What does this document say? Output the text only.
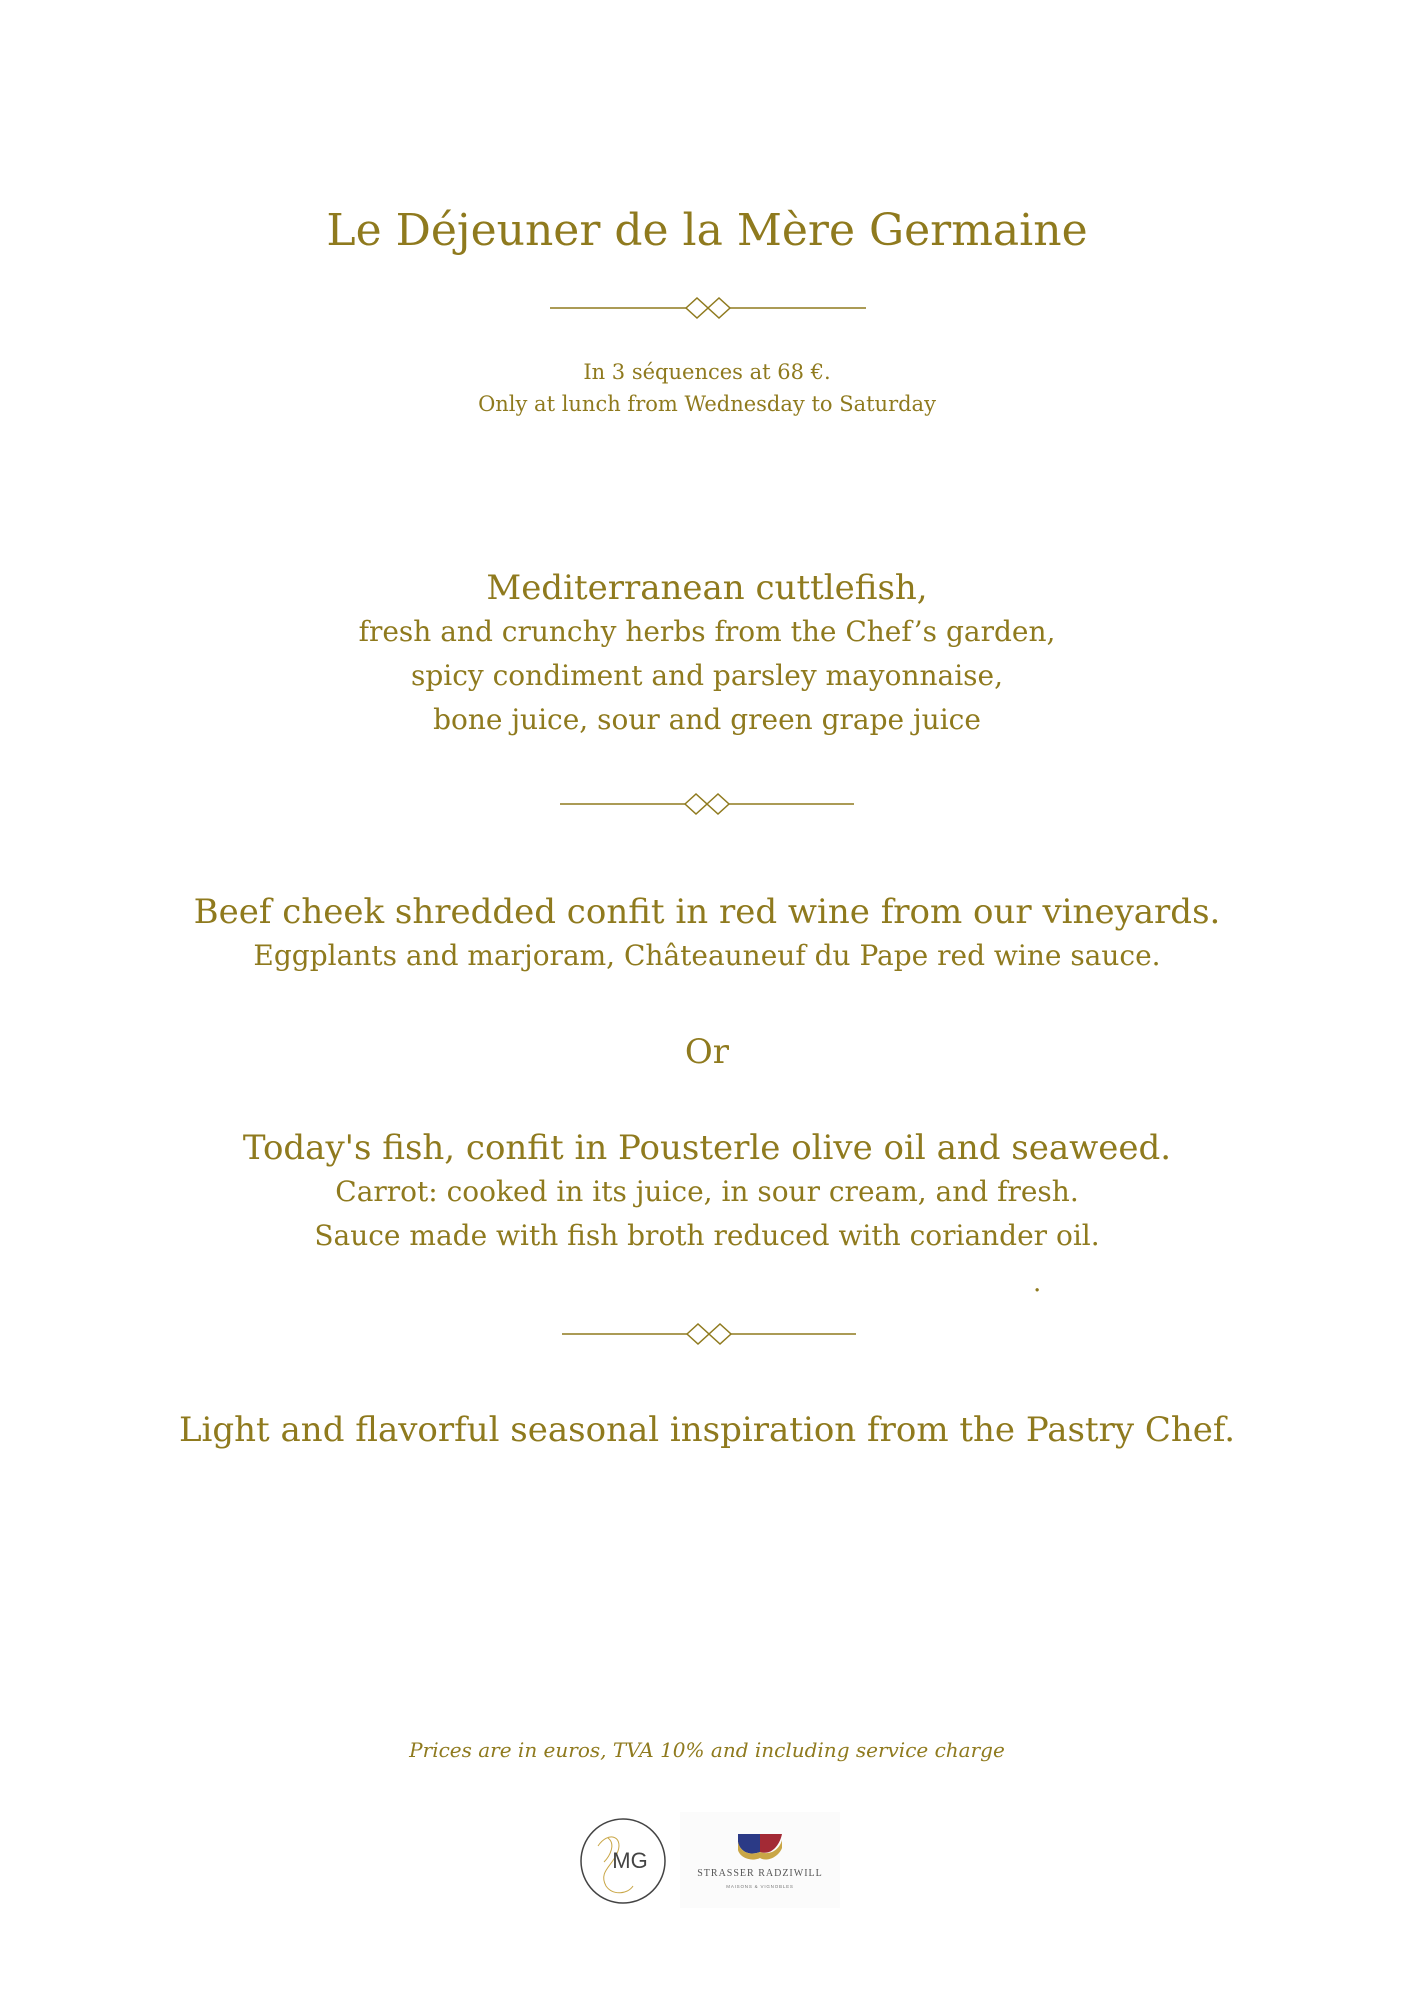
Le Déjeuner de la Mère Germaine
In 3 séquences at 68 €.
Only at lunch from Wednesday to Saturday
Mediterranean cuttlefish,
fresh and crunchy herbs from the Chef’s garden,
spicy condiment and parsley mayonnaise,
bone juice, sour and green grape juice
Beef cheek shredded confit in red wine from our vineyards.
Eggplants and marjoram, Châteauneuf du Pape red wine sauce.
Or
Today's fish, confit in Pousterle olive oil and seaweed.
Carrot: cooked in its juice, in sour cream, and fresh.
Sauce made with fish broth reduced with coriander oil.
.
Light and flavorful seasonal inspiration from the Pastry Chef.
Prices are in euros, TVA 10% and including service charge
MG
STRASSER RADZIWILL
MAISONS & VIGNOBLES
